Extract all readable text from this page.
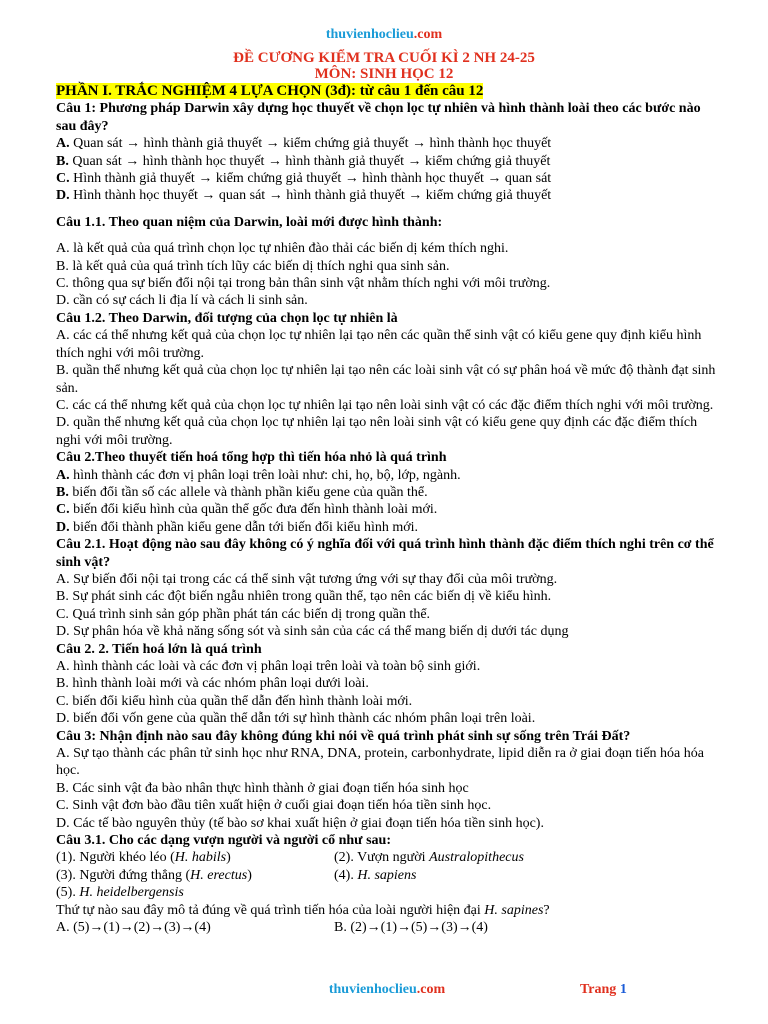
thuvienhoclieu.com
ĐỀ CƯƠNG KIỂM TRA CUỐI KÌ 2 NH 24-25
MÔN: SINH HỌC 12
PHẦN I. TRẮC NGHIỆM 4 LỰA CHỌN (3đ): từ câu 1 đến câu 12
Câu 1: Phương pháp Darwin xây dựng học thuyết về chọn lọc tự nhiên và hình thành loài theo các bước nào sau đây?
A. Quan sát → hình thành giả thuyết → kiểm chứng giả thuyết → hình thành học thuyết
B. Quan sát → hình thành học thuyết → hình thành giả thuyết → kiểm chứng giả thuyết
C. Hình thành giả thuyết → kiểm chứng giả thuyết → hình thành học thuyết → quan sát
D. Hình thành học thuyết → quan sát → hình thành giả thuyết → kiểm chứng giả thuyết
Câu 1.1. Theo quan niệm của Darwin, loài mới được hình thành:
A. là kết quả của quá trình chọn lọc tự nhiên đào thải các biến dị kém thích nghi.
B. là kết quả của quá trình tích lũy các biến dị thích nghi qua sinh sản.
C. thông qua sự biến đổi nội tại trong bản thân sinh vật nhằm thích nghi với môi trường.
D. cần có sự cách li địa lí và cách li sinh sản.
Câu 1.2. Theo Darwin, đối tượng của chọn lọc tự nhiên là
A. các cá thể nhưng kết quả của chọn lọc tự nhiên lại tạo nên các quần thể sinh vật có kiểu gene quy định kiểu hình thích nghi với môi trường.
B. quần thể nhưng kết quả của chọn lọc tự nhiên lại tạo nên các loài sinh vật có sự phân hoá về mức độ thành đạt sinh sản.
C. các cá thể nhưng kết quả của chọn lọc tự nhiên lại tạo nên loài sinh vật có các đặc điểm thích nghi với môi trường.
D. quần thể nhưng kết quả của chọn lọc tự nhiên lại tạo nên loài sinh vật có kiểu gene quy định các đặc điểm thích nghi với môi trường.
Câu 2.Theo thuyết tiến hoá tổng hợp thì tiến hóa nhỏ là quá trình
A. hình thành các đơn vị phân loại trên loài như: chi, họ, bộ, lớp, ngành.
B. biến đổi tần số các allele và thành phần kiểu gene của quần thể.
C. biến đổi kiểu hình của quần thể gốc đưa đến hình thành loài mới.
D. biến đổi thành phần kiểu gene dẫn tới biến đổi kiểu hình mới.
Câu 2.1. Hoạt động nào sau đây không có ý nghĩa đối với quá trình hình thành đặc điểm thích nghi trên cơ thể sinh vật?
A. Sự biến đổi nội tại trong các cá thể sinh vật tương ứng với sự thay đổi của môi trường.
B. Sự phát sinh các đột biến ngẫu nhiên trong quần thể, tạo nên các biến dị về kiểu hình.
C. Quá trình sinh sản góp phần phát tán các biến dị trong quần thể.
D. Sự phân hóa về khả năng sống sót và sinh sản của các cá thể mang biến dị dưới tác dụng
Câu 2. 2. Tiến hoá lớn là quá trình
A. hình thành các loài và các đơn vị phân loại trên loài và toàn bộ sinh giới.
B. hình thành loài mới và các nhóm phân loại dưới loài.
C. biến đổi kiểu hình của quần thể dẫn đến hình thành loài mới.
D. biến đổi vốn gene của quần thể dẫn tới sự hình thành các nhóm phân loại trên loài.
Câu 3: Nhận định nào sau đây không đúng khi nói về quá trình phát sinh sự sống trên Trái Đất?
A. Sự tạo thành các phân tử sinh học như RNA, DNA, protein, carbonhydrate, lipid diễn ra ở giai đoạn tiến hóa hóa học.
B. Các sinh vật đa bào nhân thực hình thành ở giai đoạn tiến hóa sinh học
C. Sinh vật đơn bào đầu tiên xuất hiện ở cuối giai đoạn tiến hóa tiền sinh học.
D. Các tế bào nguyên thủy (tế bào sơ khai xuất hiện ở giai đoạn tiến hóa tiền sinh học).
Câu 3.1. Cho các dạng vượn người và người cổ như sau:
(1). Người khéo léo (H. habils)	(2). Vượn người Australopithecus
(3). Người đứng thẳng (H. erectus)	(4). H. sapiens
(5). H. heidelbergensis
Thứ tự nào sau đây mô tả đúng về quá trình tiến hóa của loài người hiện đại H. sapines?
A. (5)→(1)→(2)→(3)→(4)	B. (2)→(1)→(5)→(3)→(4)
thuvienhoclieu.com	Trang 1
